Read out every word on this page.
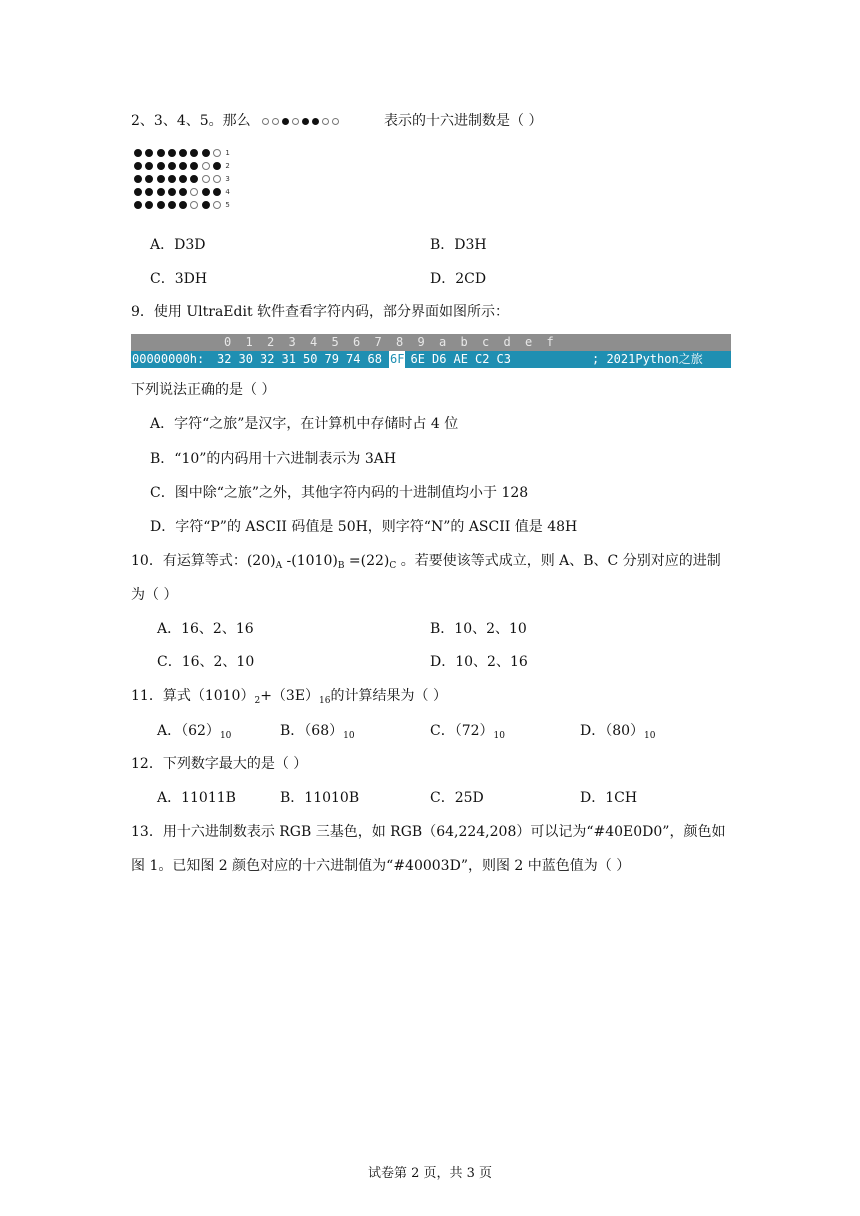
2、3、4、5。那么	表示的十六进制数是（ ）
1
2
3
4
5
A．D3D	B．D3H
C．3DH	D．2CD
9．使用 UltraEdit 软件查看字符内码，部分界面如图所示：
0 1 2 3 4 5 6 7 8 9 a b c d e f
00000000h: 32 30 32 31 50 79 74 68 6F 6E D6 AE C2 C3	; 2021Python之旅
下列说法正确的是（ ）
A．字符“之旅”是汉字，在计算机中存储时占 4 位
B．“10”的内码用十六进制表示为 3AH
C．图中除“之旅”之外，其他字符内码的十进制值均小于 128
D．字符“P”的 ASCII 码值是 50H，则字符“N”的 ASCII 值是 48H
10．有运算等式：$(20)_A$ $-(1010)_B =(22)_C$ 。若要使该等式成立，则 A、B、C 分别对应的进制
为（ ）
A．16、2、16	B．10、2、10
C．16、2、10	D．10、2、16
11．算式$(1010)_2+(3E)_{16}$的计算结果为（ ）
A．$(62)_{10}$	B．$(68)_{10}$	C．$(72)_{10}$	D．$(80)_{10}$
12．下列数字最大的是（ ）
A．11011B	B．11010B	C．25D	D．1CH
13．用十六进制数表示 RGB 三基色，如 RGB（64,224,208）可以记为“#40E0D0”，颜色如
图 1。已知图 2 颜色对应的十六进制值为“#40003D”，则图 2 中蓝色值为（ ）
试卷第 2 页，共 3 页
